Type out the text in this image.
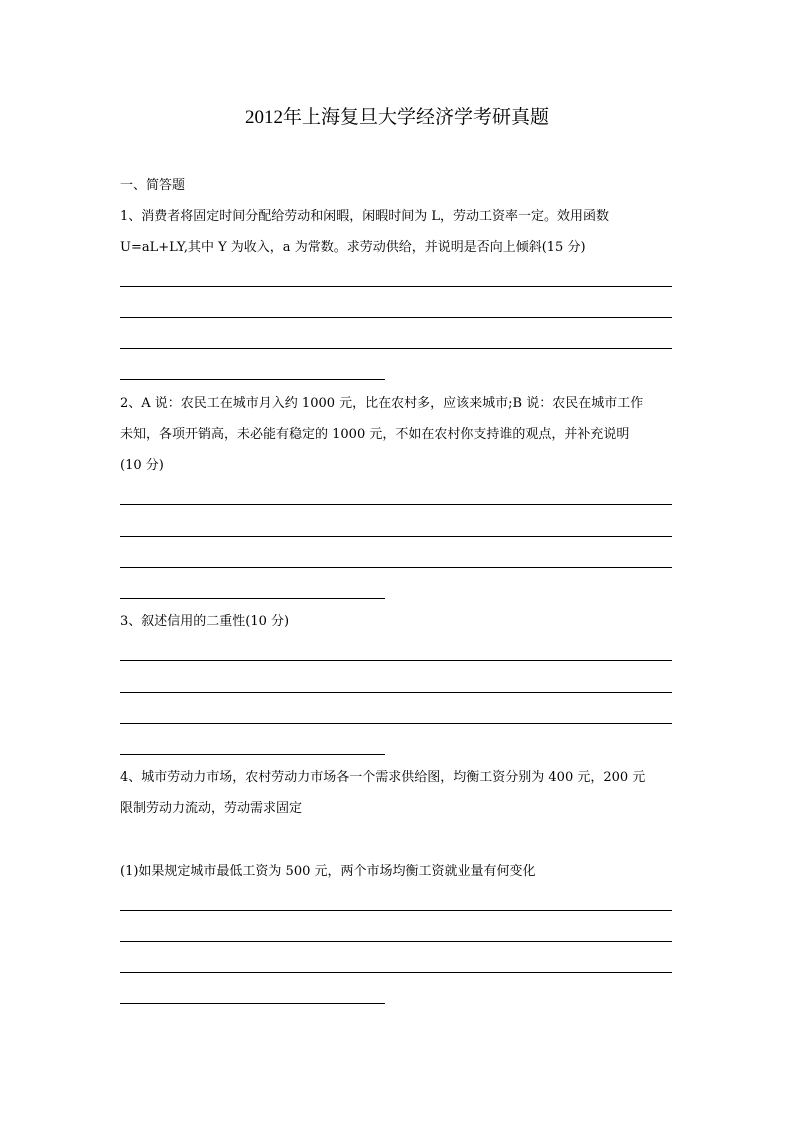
2012年上海复旦大学经济学考研真题
一、简答题
1、消费者将固定时间分配给劳动和闲暇，闲暇时间为 L，劳动工资率一定。效用函数
U=aL+LY,其中 Y 为收入，a 为常数。求劳动供给，并说明是否向上倾斜(15 分)
2、A 说：农民工在城市月入约 1000 元，比在农村多，应该来城市;B 说：农民在城市工作
未知，各项开销高，未必能有稳定的 1000 元，不如在农村你支持谁的观点，并补充说明
(10 分)
3、叙述信用的二重性(10 分)
4、城市劳动力市场，农村劳动力市场各一个需求供给图，均衡工资分别为 400 元，200 元
限制劳动力流动，劳动需求固定
(1)如果规定城市最低工资为 500 元，两个市场均衡工资就业量有何变化
